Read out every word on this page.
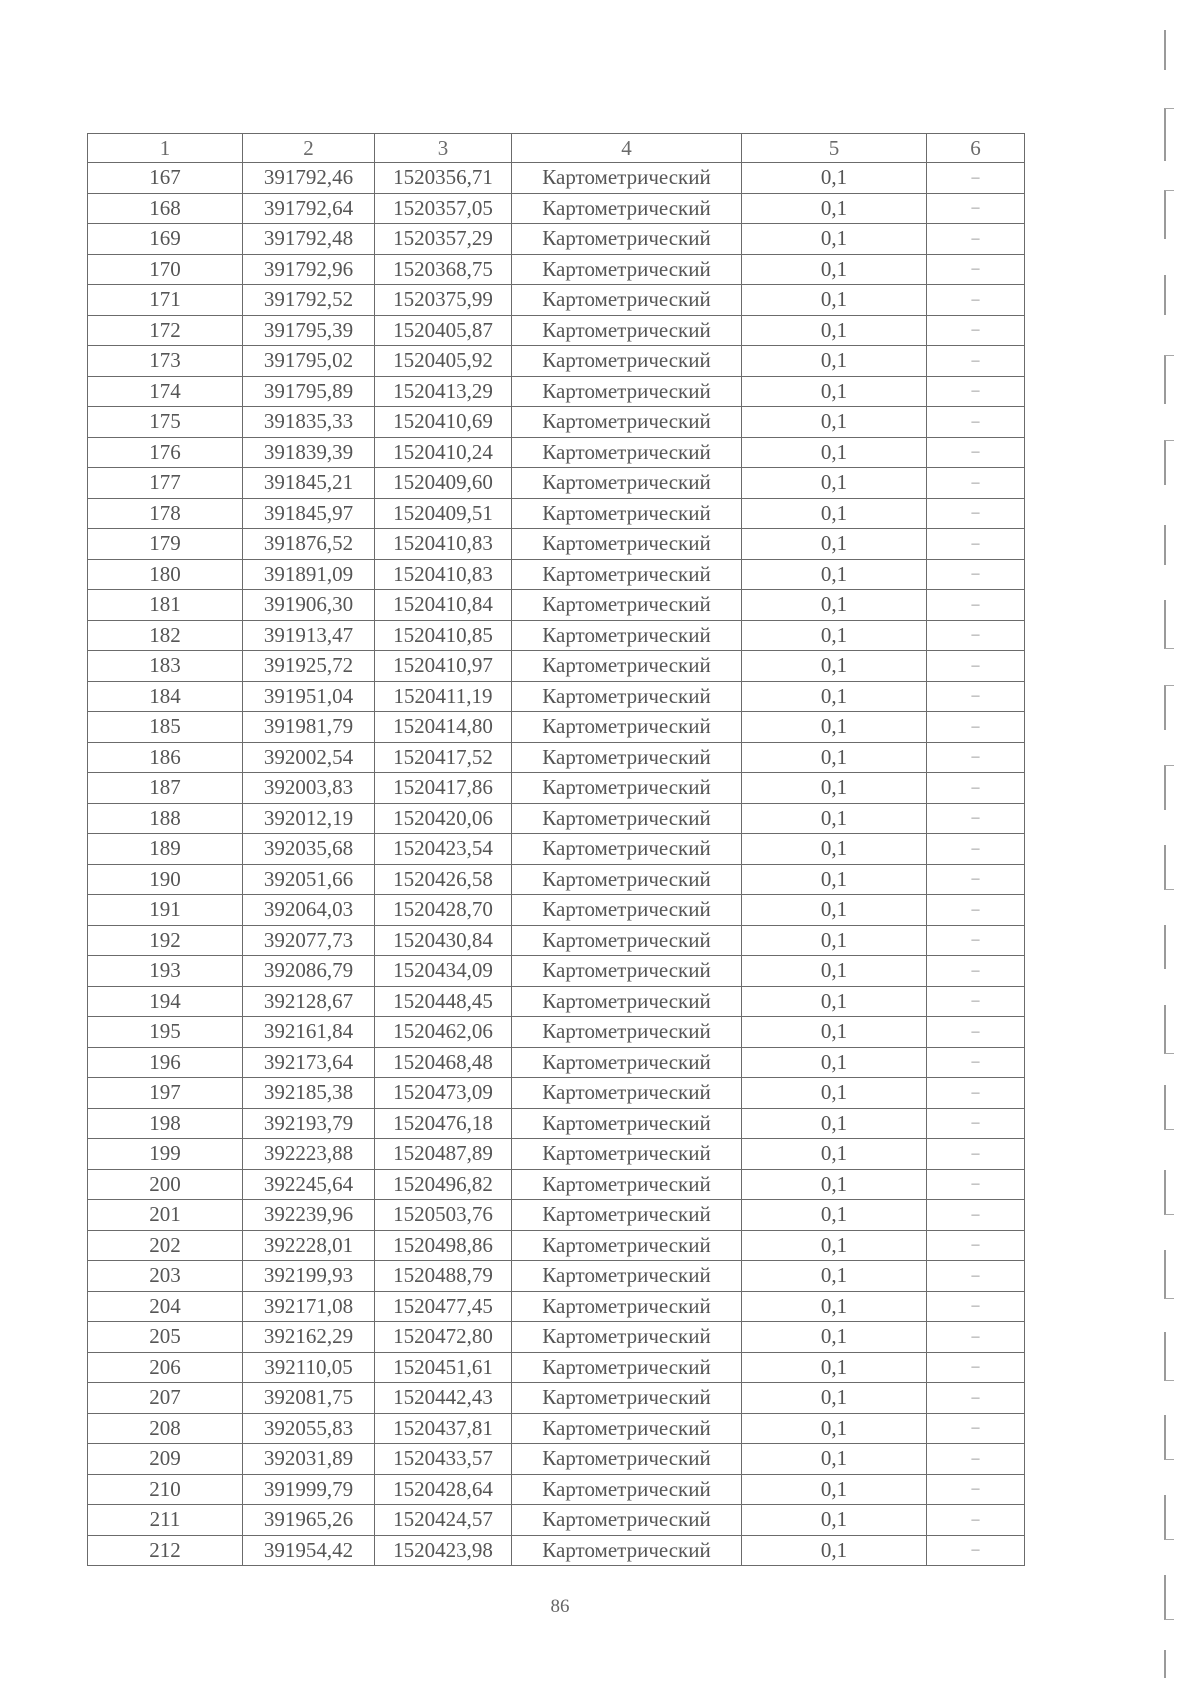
1	2	3	4	5	6
167	391792,46	1520356,71	Картометрический	0,1	–
168	391792,64	1520357,05	Картометрический	0,1	–
169	391792,48	1520357,29	Картометрический	0,1	–
170	391792,96	1520368,75	Картометрический	0,1	–
171	391792,52	1520375,99	Картометрический	0,1	–
172	391795,39	1520405,87	Картометрический	0,1	–
173	391795,02	1520405,92	Картометрический	0,1	–
174	391795,89	1520413,29	Картометрический	0,1	–
175	391835,33	1520410,69	Картометрический	0,1	–
176	391839,39	1520410,24	Картометрический	0,1	–
177	391845,21	1520409,60	Картометрический	0,1	–
178	391845,97	1520409,51	Картометрический	0,1	–
179	391876,52	1520410,83	Картометрический	0,1	–
180	391891,09	1520410,83	Картометрический	0,1	–
181	391906,30	1520410,84	Картометрический	0,1	–
182	391913,47	1520410,85	Картометрический	0,1	–
183	391925,72	1520410,97	Картометрический	0,1	–
184	391951,04	1520411,19	Картометрический	0,1	–
185	391981,79	1520414,80	Картометрический	0,1	–
186	392002,54	1520417,52	Картометрический	0,1	–
187	392003,83	1520417,86	Картометрический	0,1	–
188	392012,19	1520420,06	Картометрический	0,1	–
189	392035,68	1520423,54	Картометрический	0,1	–
190	392051,66	1520426,58	Картометрический	0,1	–
191	392064,03	1520428,70	Картометрический	0,1	–
192	392077,73	1520430,84	Картометрический	0,1	–
193	392086,79	1520434,09	Картометрический	0,1	–
194	392128,67	1520448,45	Картометрический	0,1	–
195	392161,84	1520462,06	Картометрический	0,1	–
196	392173,64	1520468,48	Картометрический	0,1	–
197	392185,38	1520473,09	Картометрический	0,1	–
198	392193,79	1520476,18	Картометрический	0,1	–
199	392223,88	1520487,89	Картометрический	0,1	–
200	392245,64	1520496,82	Картометрический	0,1	–
201	392239,96	1520503,76	Картометрический	0,1	–
202	392228,01	1520498,86	Картометрический	0,1	–
203	392199,93	1520488,79	Картометрический	0,1	–
204	392171,08	1520477,45	Картометрический	0,1	–
205	392162,29	1520472,80	Картометрический	0,1	–
206	392110,05	1520451,61	Картометрический	0,1	–
207	392081,75	1520442,43	Картометрический	0,1	–
208	392055,83	1520437,81	Картометрический	0,1	–
209	392031,89	1520433,57	Картометрический	0,1	–
210	391999,79	1520428,64	Картометрический	0,1	–
211	391965,26	1520424,57	Картометрический	0,1	–
212	391954,42	1520423,98	Картометрический	0,1	–
86
